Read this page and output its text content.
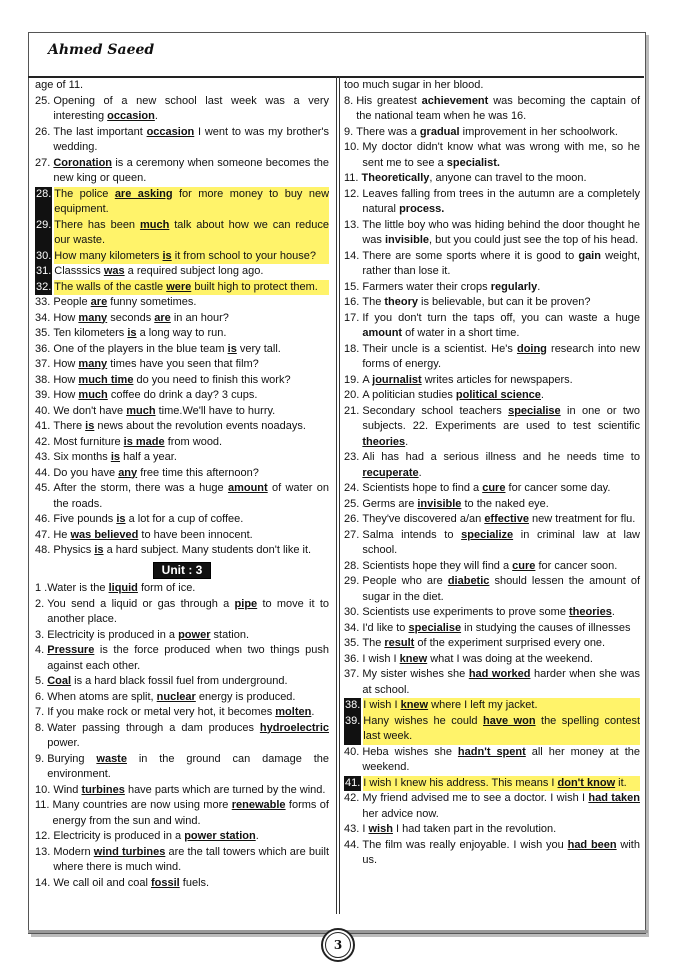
Ahmed Saeed
age of 11.
25. Opening of a new school last week was a very interesting occasion.
26. The last important occasion I went to was my brother's wedding.
27. Coronation is a ceremony when someone becomes the new king or queen.
28. The police are asking for more money to buy new equipment.
29. There has been much talk about how we can reduce our waste.
30. How many kilometers is it from school to your house?
31. Classsics was a required subject long ago.
32. The walls of the castle were built high to protect them.
33. People are funny sometimes.
34. How many seconds are in an hour?
35. Ten kilometers is a long way to run.
36. One of the players in the blue team is very tall.
37. How many times have you seen that film?
38. How much time do you need to finish this work?
39. How much coffee do drink a day? 3 cups.
40. We don't have much time.We'll have to hurry.
41. There is news about the revolution events noadays.
42. Most furniture is made from wood.
43. Six months is half a year.
44. Do you have any free time this afternoon?
45. After the storm, there was a huge amount of water on the roads.
46. Five pounds is a lot for a cup of coffee.
47. He was believed to have been innocent.
48. Physics is a hard subject. Many students don't like it.
Unit : 3
1 . Water is the liquid form of ice.
2. You send a liquid or gas through a pipe to move it to another place.
3. Electricity is produced in a power station.
4. Pressure is the force produced when two things push against each other.
5. Coal is a hard black fossil fuel from underground.
6. When atoms are split, nuclear energy is produced.
7. If you make rock or metal very hot, it becomes molten.
8. Water passing through a dam produces hydroelectric power.
9. Burying waste in the ground can damage the environment.
10. Wind turbines have parts which are turned by the wind.
11. Many countries are now using more renewable forms of energy from the sun and wind.
12. Electricity is produced in a power station.
13. Modern wind turbines are the tall towers which are built where there is much wind.
14. We call oil and coal fossil fuels.
too much sugar in her blood.
8. His greatest achievement was becoming the captain of the national team when he was 16.
9. There was a gradual improvement in her schoolwork.
10. My doctor didn't know what was wrong with me, so he sent me to see a specialist.
11. Theoretically, anyone can travel to the moon.
12. Leaves falling from trees in the autumn are a completely natural process.
13. The little boy who was hiding behind the door thought he was invisible, but you could just see the top of his head.
14. There are some sports where it is good to gain weight, rather than lose it.
15. Farmers water their crops regularly.
16. The theory is believable, but can it be proven?
17. If you don't turn the taps off, you can waste a huge amount of water in a short time.
18. Their uncle is a scientist. He's doing research into new forms of energy.
19. A journalist writes articles for newspapers.
20. A politician studies political science.
21. Secondary school teachers specialise in one or two subjects. 22. Experiments are used to test scientific theories.
23. Ali has had a serious illness and he needs time to recuperate.
24. Scientists hope to find a cure for cancer some day.
25. Germs are invisible to the naked eye.
26. They've discovered a/an effective new treatment for flu.
27. Salma intends to specialize in criminal law at law school.
28. Scientists hope they will find a cure for cancer soon.
29. People who are diabetic should lessen the amount of sugar in the diet.
30. Scientists use experiments to prove some theories.
34. I'd like to specialise in studying the causes of illnesses
35. The result of the experiment surprised every one.
36. I wish I knew what I was doing at the weekend.
37. My sister wishes she had worked harder when she was at school.
38. I wish I knew where I left my jacket.
39. Hany wishes he could have won the spelling contest last week.
40. Heba wishes she hadn't spent all her money at the weekend.
41. I wish I knew his address. This means I don't know it.
42. My friend advised me to see a doctor. I wish I had taken her advice now.
43. I wish I had taken part in the revolution.
44. The film was really enjoyable. I wish you had been with us.
3
